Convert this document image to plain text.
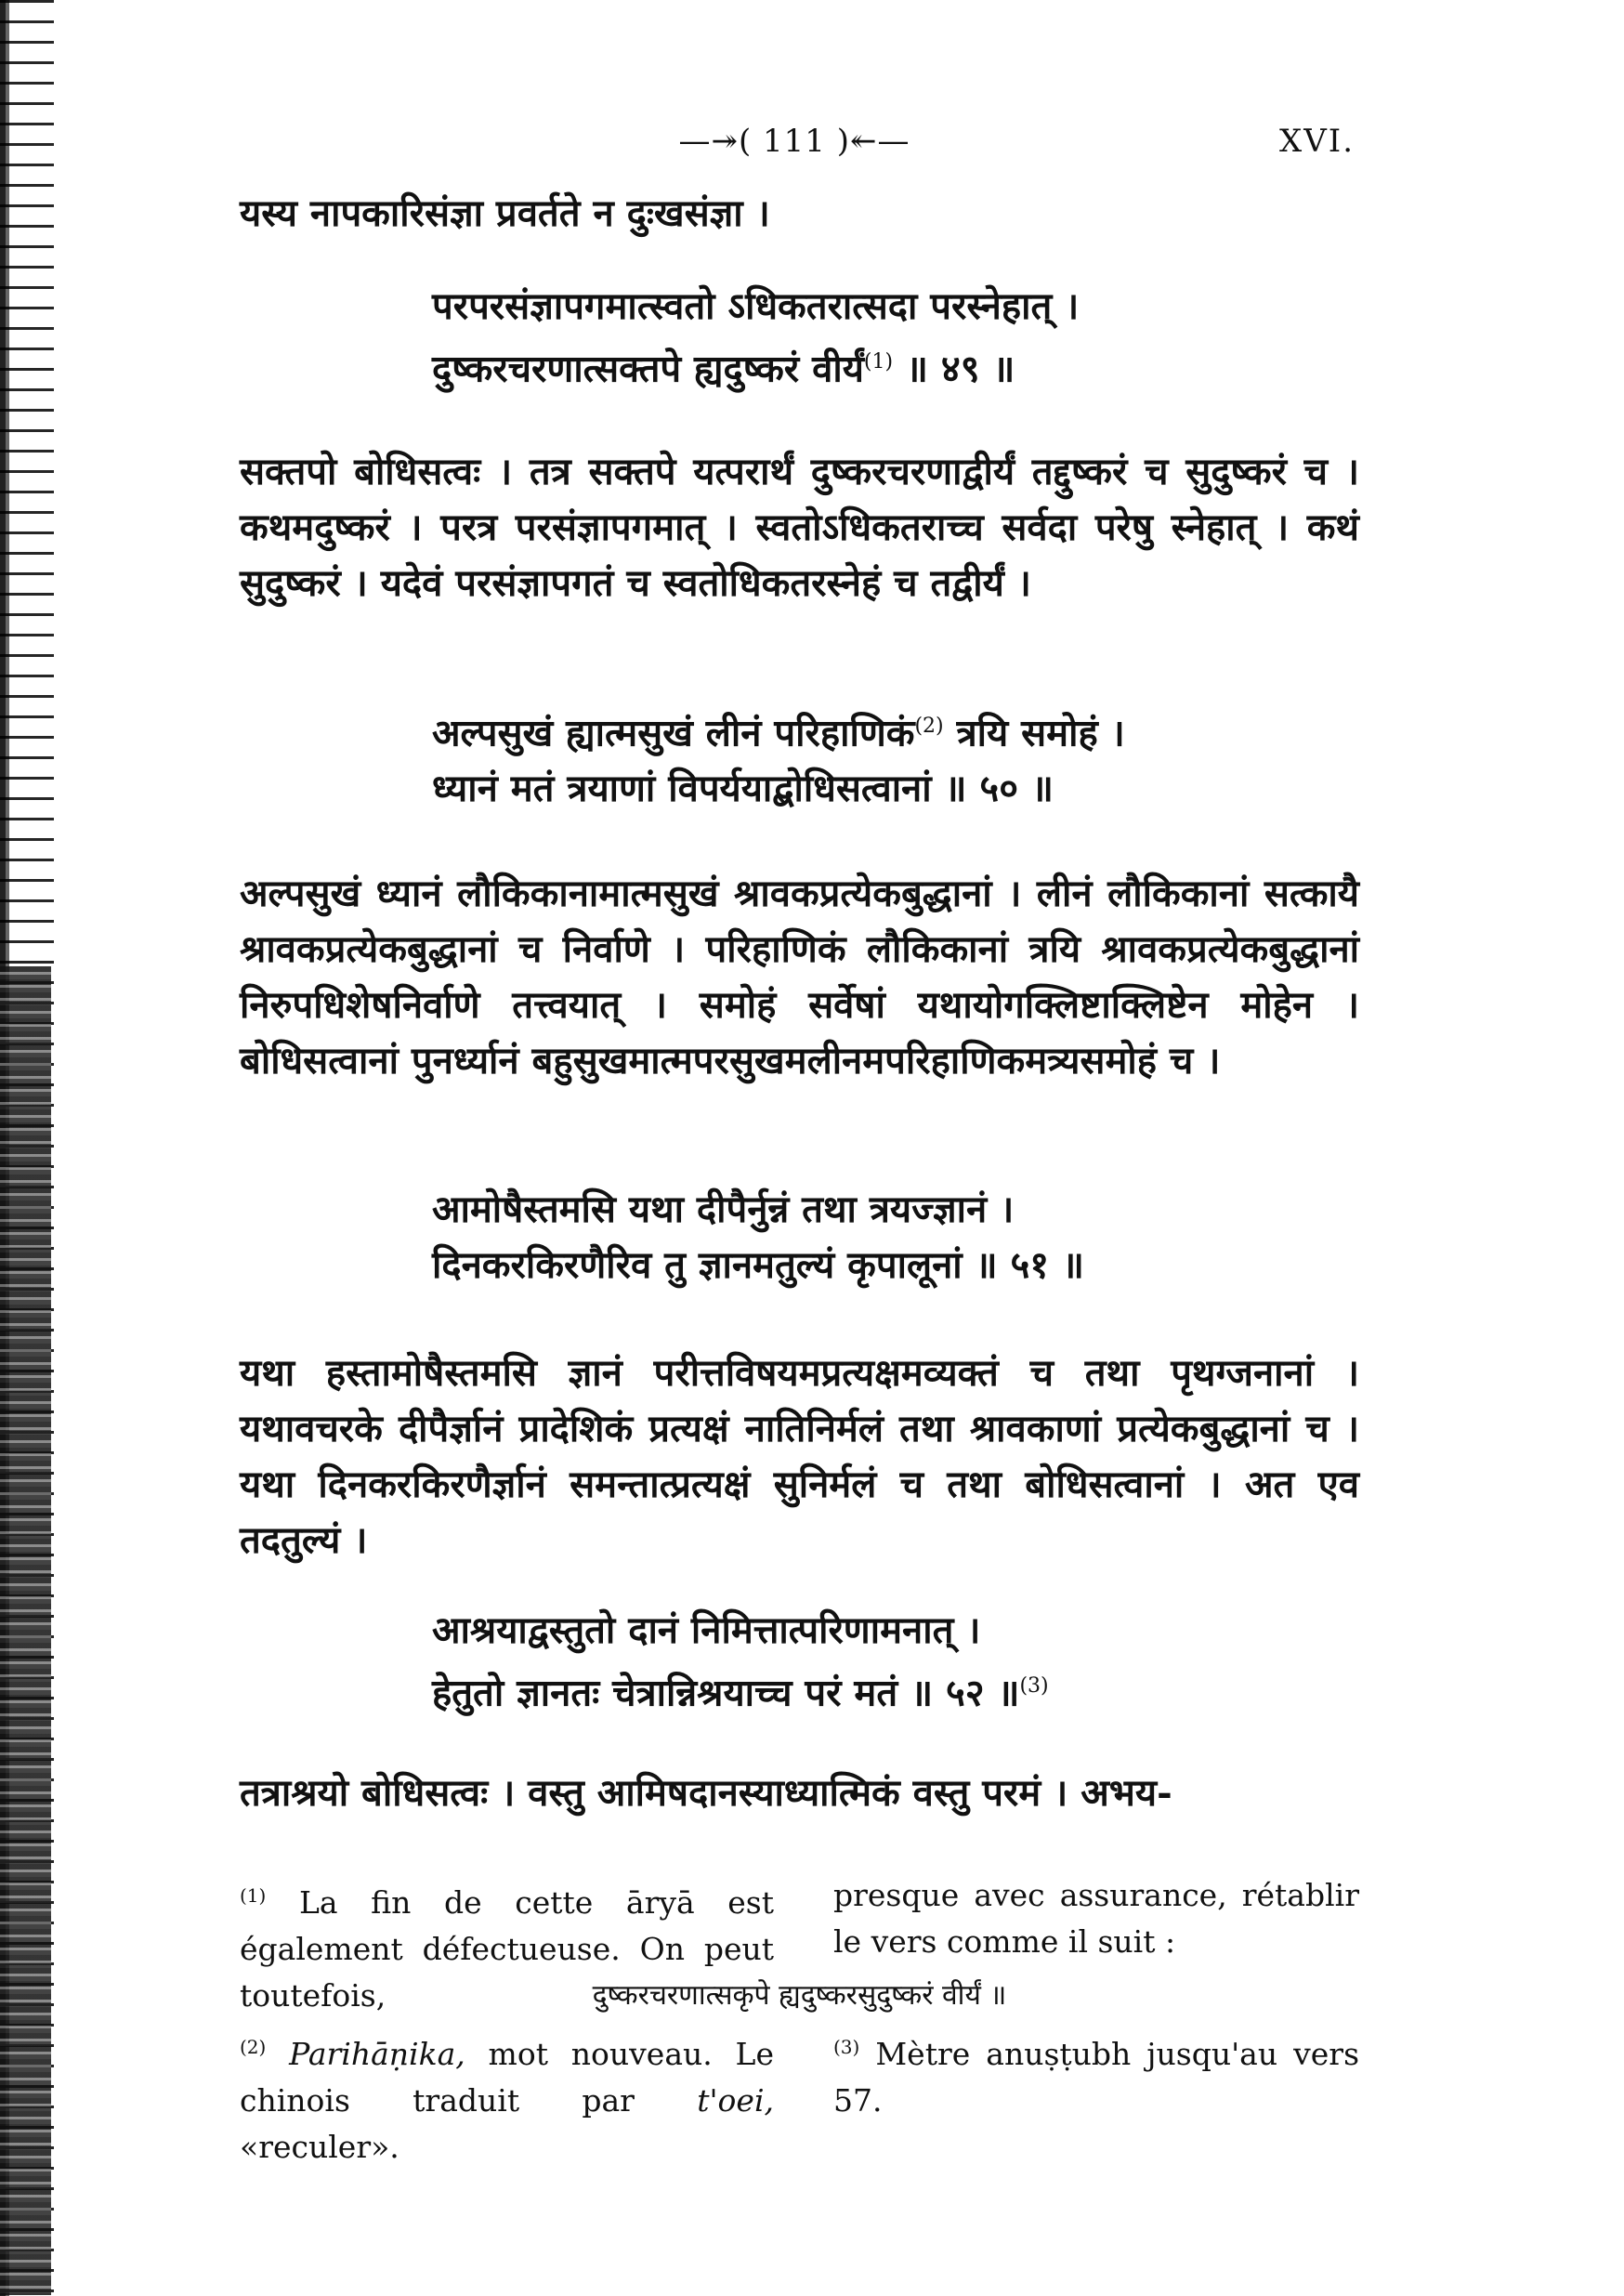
—↠( 111 )↞—	XVI.
यस्य नापकारिसंज्ञा प्रवर्तते न दुःखसंज्ञा ।
परपरसंज्ञापगमात्स्वतो ऽधिकतरात्सदा परस्नेहात् ।
दुष्करचरणात्सक्तपे ह्यदुष्करं वीर्यं$^{(1)}$ ॥ ४९ ॥
सक्तपो बोधिसत्वः । तत्र सक्तपे यत्परार्थं दुष्करचरणाद्वीर्यं तद्दुष्करं च सुदुष्करं च । कथमदुष्करं । परत्र परसंज्ञापगमात् । स्वतोऽधिकतराच्च सर्वदा परेषु स्नेहात् । कथं सुदुष्करं । यदेवं परसंज्ञापगतं च स्वतोधिकतरस्नेहं च तद्वीर्यं ।
अल्पसुखं ह्यात्मसुखं लीनं परिहाणिकं$^{(2)}$ त्रयि समोहं ।
ध्यानं मतं त्रयाणां विपर्ययाद्बोधिसत्वानां ॥ ५० ॥
अल्पसुखं ध्यानं लौकिकानामात्मसुखं श्रावकप्रत्येकबुद्धानां । लीनं लौकिकानां सत्कायै श्रावकप्रत्येकबुद्धानां च निर्वाणे । परिहाणिकं लौकिकानां त्रयि श्रावकप्रत्येकबुद्धानां निरुपधिशेषनिर्वाणे तत्त्वयात् । समोहं सर्वेषां यथायोगक्लिष्टाक्लिष्टेन मोहेन । बोधिसत्वानां पुनर्ध्यानं बहुसुखमात्मपरसुखमलीनमपरिहाणिकमत्र्यसमोहं च ।
आमोषैस्तमसि यथा दीपैर्नुन्नं तथा त्रयज्ज्ञानं ।
दिनकरकिरणैरिव तु ज्ञानमतुल्यं कृपालूनां ॥ ५१ ॥
यथा हस्तामोषैस्तमसि ज्ञानं परीत्तविषयमप्रत्यक्षमव्यक्तं च तथा पृथग्जनानां । यथावचरके दीपैर्ज्ञानं प्रादेशिकं प्रत्यक्षं नातिनिर्मलं तथा श्रावकाणां प्रत्येकबुद्धानां च । यथा दिनकरकिरणैर्ज्ञानं समन्तात्प्रत्यक्षं सुनिर्मलं च तथा बोधिसत्वानां । अत एव तदतुल्यं ।
आश्रयाद्वस्तुतो दानं निमित्तात्परिणामनात् ।
हेतुतो ज्ञानतः चेत्रान्निश्रयाच्च परं मतं ॥ ५२ ॥$^{(3)}$
तत्राश्रयो बोधिसत्वः । वस्तु आमिषदानस्याध्यात्मिकं वस्तु परमं । अभय-
$^{(1)}$ La fin de cette āryā est également défectueuse. On peut toutefois,
presque avec assurance, rétablir le vers comme il suit :
दुष्करचरणात्सकृपे ह्यदुष्करसुदुष्करं वीर्यं ॥
$^{(2)}$ Parihāṇika, mot nouveau. Le chinois traduit par t'oei, «reculer».
$^{(3)}$ Mètre anuṣṭubh jusqu'au vers 57.
